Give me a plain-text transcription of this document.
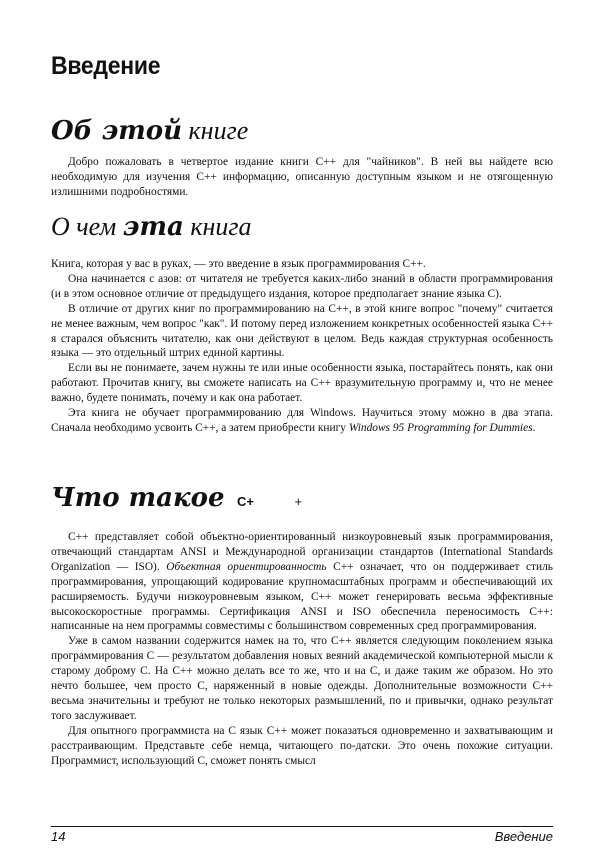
Введение
Об этой книге

Добро пожаловать в четвертое издание книги C++ для "чайников". В ней вы найдете всю необходимую для изучения C++ информацию, описанную доступным языком и не отягощенную излишними подробностями.

О чем эта книга

Книга, которая у вас в руках, — это введение в язык программирования C++.

Она начинается с азов: от читателя не требуется каких-либо знаний в области программирования (и в этом основное отличие от предыдущего издания, которое предполагает знание языка С).

В отличие от других книг по программированию на C++, в этой книге вопрос "почему" считается не менее важным, чем вопрос "как". И потому перед изложением конкретных особенностей языка C++ я старался объяснить читателю, как они действуют в целом. Ведь каждая структурная особенность языка — это отдельный штрих единой картины.

Если вы не понимаете, зачем нужны те или иные особенности языка, постарайтесь понять, как они работают. Прочитав книгу, вы сможете написать на C++ вразумительную программу и, что не менее важно, будете понимать, почему и как она работает.

Эта книга не обучает программированию для Windows. Научиться этому можно в два этапа. Сначала необходимо усвоить C++, а затем приобрести книгу Windows 95 Programming for Dummies.

Что такое C+	+

C++ представляет собой объектно-ориентированный низкоуровневый язык программирования, отвечающий стандартам ANSI и Международной организации стандартов (International Standards Organization — ISO). Объектная ориентированность C++ означает, что он поддерживает стиль программирования, упрощающий кодирование крупномасштабных программ и обеспечивающий их расширяемость. Будучи низкоуровневым языком, C++ может генерировать весьма эффективные высокоскоростные программы. Сертификация ANSI и ISO обеспечила переносимость C++: написанные на нем программы совместимы с большинством современных сред программирования.

Уже в самом названии содержится намек на то, что C++ является следующим поколением языка программирования С — результатом добавления новых веяний академической компьютерной мысли к старому доброму С. На C++ можно делать все то же, что и на С, и даже таким же образом. Но это нечто большее, чем просто С, наряженный в новые одежды. Дополнительные возможности C++ весьма значительны и требуют не только некоторых размышлений, по и привычки, однако результат того заслуживает.

Для опытного программиста на С язык C++ может показаться одновременно и захватывающим и расстраивающим. Представьте себе немца, читающего по-датски. Это очень похожие ситуации. Программист, использующий С, сможет понять смысл

14	Введение
